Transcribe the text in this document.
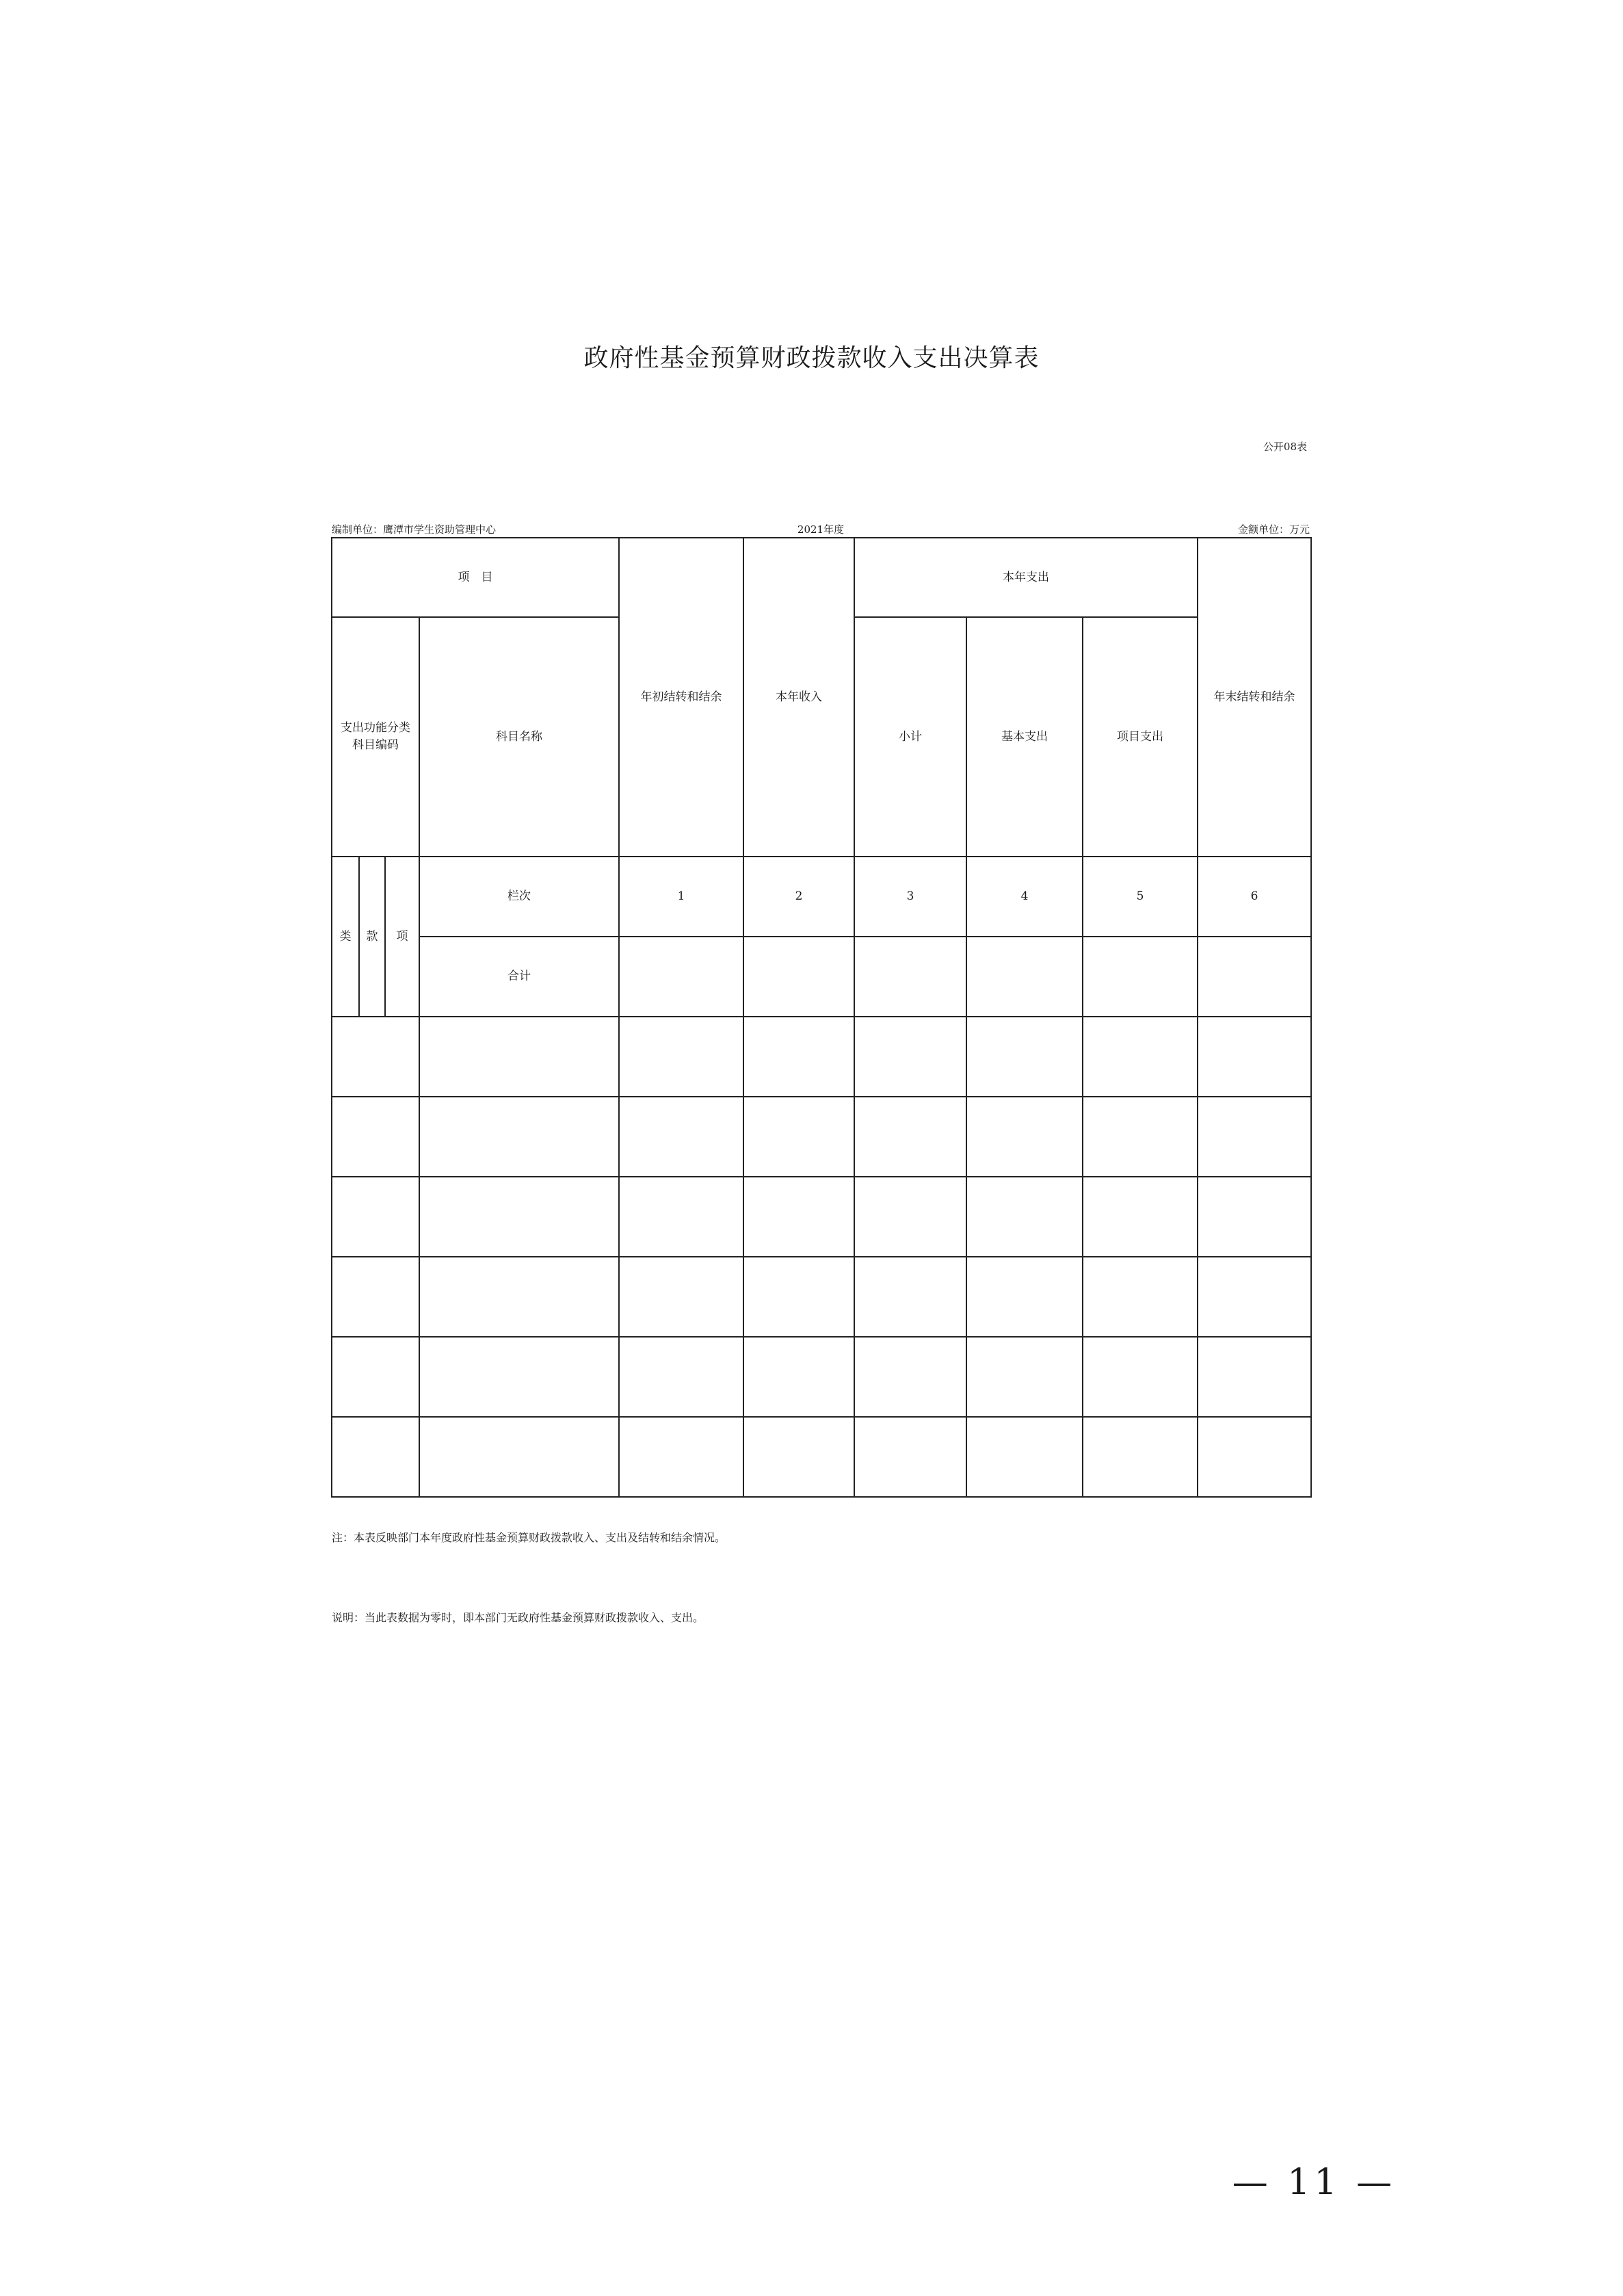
政府性基金预算财政拨款收入支出决算表
公开08表
编制单位：鹰潭市学生资助管理中心	2021年度	金额单位：万元
项　目				年初结转和结余	本年收入	本年支出			年末结转和结余
支出功能分类科目编码			科目名称			小计	基本支出	项目支出	
类	款	项	栏次	1	2	3	4	5	6
			合计						

注：本表反映部门本年度政府性基金预算财政拨款收入、支出及结转和结余情况。
说明：当此表数据为零时，即本部门无政府性基金预算财政拨款收入、支出。
— 11 —
